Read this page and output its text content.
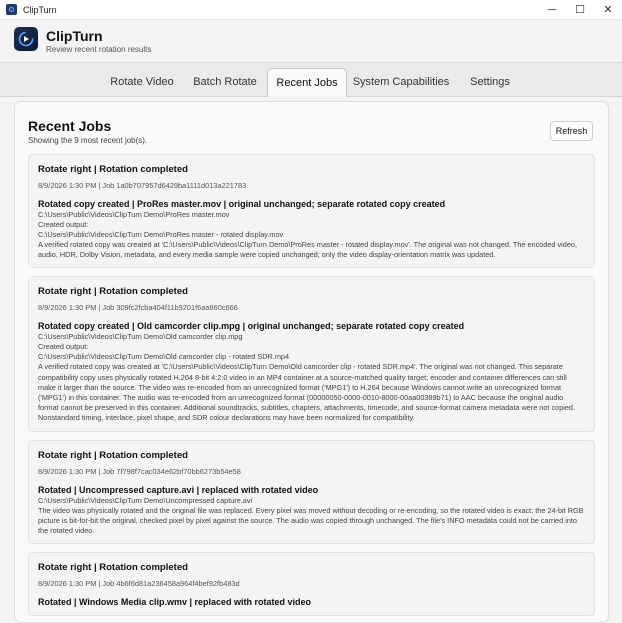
ClipTurn	─	☐	✕
ClipTurn
Review recent rotation results
Rotate Video	Batch Rotate	Recent Jobs	System Capabilities	Settings
Recent Jobs
Showing the 9 most recent job(s).
Refresh
Rotate right | Rotation completed
8/9/2026 1:30 PM | Job 1a0b707957d6429ba1111d013a221783
Rotated copy created | ProRes master.mov | original unchanged; separate rotated copy created
C:\Users\Public\Videos\ClipTurn Demo\ProRes master.mov
Created output:
C:\Users\Public\Videos\ClipTurn Demo\ProRes master - rotated display.mov
A verified rotated copy was created at 'C:\Users\Public\Videos\ClipTurn Demo\ProRes master - rotated display.mov'. The original was not changed. The encoded video, audio, HDR, Dolby Vision, metadata, and every media sample were copied unchanged; only the video display-orientation matrix was updated.
Rotate right | Rotation completed
8/9/2026 1:30 PM | Job 309fc2fcba404f11b9201f6aa860c666
Rotated copy created | Old camcorder clip.mpg | original unchanged; separate rotated copy created
C:\Users\Public\Videos\ClipTurn Demo\Old camcorder clip.mpg
Created output:
C:\Users\Public\Videos\ClipTurn Demo\Old camcorder clip - rotated SDR.mp4
A verified rotated copy was created at 'C:\Users\Public\Videos\ClipTurn Demo\Old camcorder clip - rotated SDR.mp4'. The original was not changed. This separate compatibility copy uses physically rotated H.264 8-bit 4:2:0 video in an MP4 container at a source-matched quality target; encoder and container differences can still make it larger than the source. The video was re-encoded from an unrecognized format ('MPG1') to H.264 because Windows cannot write an unrecognized format ('MPG1') in this container. The audio was re-encoded from an unrecognized format (00000050-0000-0010-8000-00aa00389b71) to AAC because the original audio format cannot be preserved in this container. Additional soundtracks, subtitles, chapters, attachments, timecode, and source-format camera metadata were not copied. Nonstandard timing, interlace, pixel shape, and SDR colour declarations may have been normalized for compatibility.
Rotate right | Rotation completed
8/9/2026 1:30 PM | Job 7f798f7cac034e62bf70bb6273b54e58
Rotated | Uncompressed capture.avi | replaced with rotated video
C:\Users\Public\Videos\ClipTurn Demo\Uncompressed capture.avi
The video was physically rotated and the original file was replaced. Every pixel was moved without decoding or re-encoding, so the rotated video is exact: the 24-bit RGB picture is bit-for-bit the original, checked pixel by pixel against the source. The audio was copied through unchanged. The file's INFO metadata could not be carried into the rotated video.
Rotate right | Rotation completed
8/9/2026 1:30 PM | Job 4b6f6d81a236458a964f4bef92fb483d
Rotated | Windows Media clip.wmv | replaced with rotated video
